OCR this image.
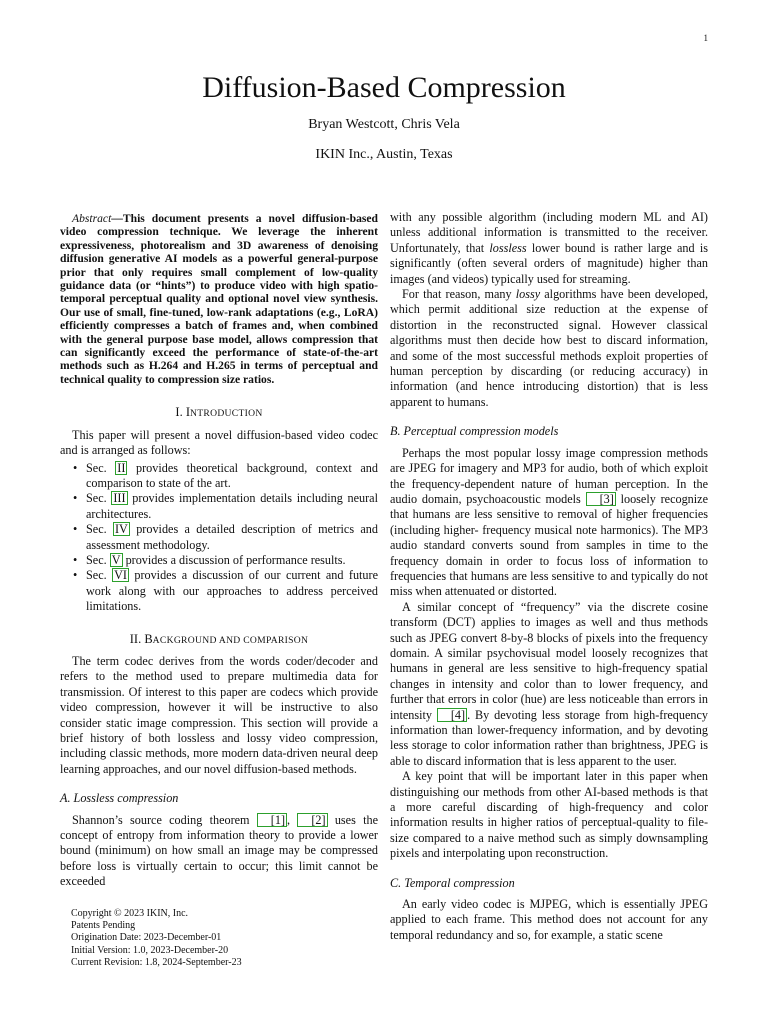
1
Diffusion-Based Compression
Bryan Westcott, Chris Vela
IKIN Inc., Austin, Texas

Abstract—This document presents a novel diffusion-based video compression technique. We leverage the inherent expressiveness, photorealism and 3D awareness of denoising diffusion generative AI models as a powerful general-purpose prior that only requires small complement of low-quality guidance data (or “hints”) to produce video with high spatio-temporal perceptual quality and optional novel view synthesis. Our use of small, fine-tuned, low-rank adaptations (e.g., LoRA) efficiently compresses a batch of frames and, when combined with the general purpose base model, allows compression that can significantly exceed the performance of state-of-the-art methods such as H.264 and H.265 in terms of perceptual and technical quality to compression size ratios.

I. INTRODUCTION

This paper will present a novel diffusion-based video codec and is arranged as follows:

• Sec. II provides theoretical background, context and comparison to state of the art.
• Sec. III provides implementation details including neural architectures.
• Sec. IV provides a detailed description of metrics and assessment methodology.
• Sec. V provides a discussion of performance results.
• Sec. VI provides a discussion of our current and future work along with our approaches to address perceived limitations.
II. BACKGROUND AND COMPARISON

The term codec derives from the words coder/decoder and refers to the method used to prepare multimedia data for transmission. Of interest to this paper are codecs which provide video compression, however it will be instructive to also consider static image compression. This section will provide a brief history of both lossless and lossy video compression, including classic methods, more modern data-driven neural deep learning approaches, and our novel diffusion-based methods.

A. Lossless compression

Shannon’s source coding theorem [1] , [2] uses the concept of entropy from information theory to provide a lower bound (minimum) on how small an image may be compressed before loss is virtually certain to occur; this limit cannot be exceeded

with any possible algorithm (including modern ML and AI) unless additional information is transmitted to the receiver. Unfortunately, that lossless lower bound is rather large and is significantly (often several orders of magnitude) higher than images (and videos) typically used for streaming.

For that reason, many lossy algorithms have been developed, which permit additional size reduction at the expense of distortion in the reconstructed signal. However classical algorithms must then decide how best to discard information, and some of the most successful methods exploit properties of human perception by discarding (or reducing accuracy) in information (and hence introducing distortion) that is less apparent to humans.

B. Perceptual compression models

Perhaps the most popular lossy image compression methods are JPEG for imagery and MP3 for audio, both of which exploit the frequency-dependent nature of human perception. In the audio domain, psychoacoustic models [3] loosely recognize that humans are less sensitive to removal of higher frequencies (including higher- frequency musical note harmonics). The MP3 audio standard converts sound from samples in time to the frequency domain in order to focus loss of information to frequencies that humans are less sensitive to and typically do not miss when attenuated or distorted.

A similar concept of “frequency” via the discrete cosine transform (DCT) applies to images as well and thus methods such as JPEG convert 8-by-8 blocks of pixels into the frequency domain. A similar psychovisual model loosely recognizes that humans in general are less sensitive to high-frequency spatial changes in intensity and color than to lower frequency, and further that errors in color (hue) are less noticeable than errors in intensity [4] . By devoting less storage from high-frequency information than lower-frequency information, and by devoting less storage to color information rather than brightness, JPEG is able to discard information that is less apparent to the user.

A key point that will be important later in this paper when distinguishing our methods from other AI-based methods is that a more careful discarding of high-frequency and color information results in higher ratios of perceptual-quality to file-size compared to a naive method such as simply downsampling pixels and interpolating upon reconstruction.

C. Temporal compression

An early video codec is MJPEG, which is essentially JPEG applied to each frame. This method does not account for any temporal redundancy and so, for example, a static scene

Copyright © 2023 IKIN, Inc.
Patents Pending
Origination Date: 2023-December-01
Initial Version: 1.0, 2023-December-20
Current Revision: 1.8, 2024-September-23
